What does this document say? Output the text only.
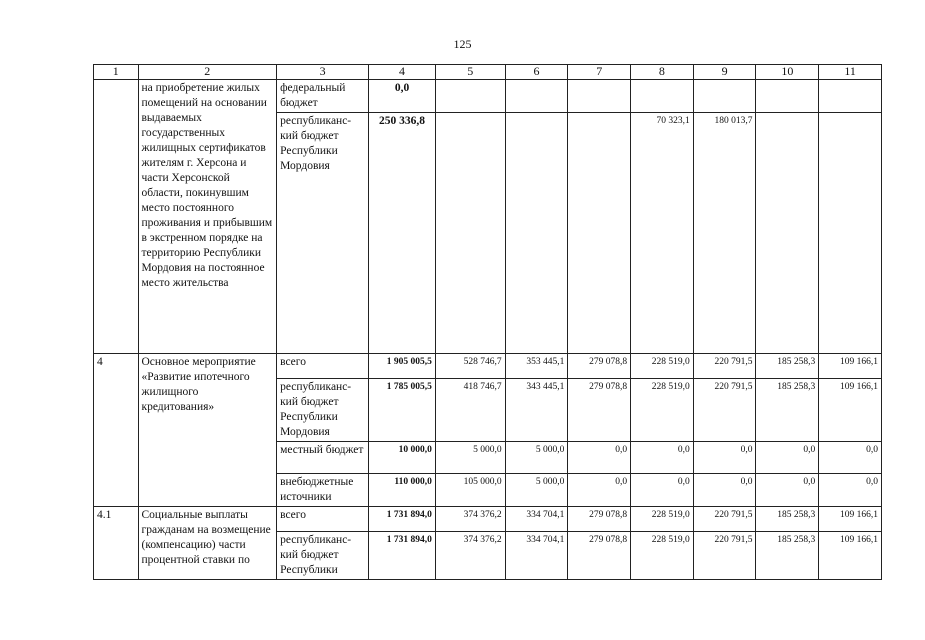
125
1	2	3	4	5	6	7	8	9	10	11
	на приобретение жилых помещений на основании выдаваемых государственных жилищных сертификатов жителям г. Херсона и части Херсонской области, покинувшим место постоянного проживания и прибывшим в экстренном порядке на территорию Республики Мордовия на постоянное место жительства	федеральный бюджет	0,0							
		республиканс-кий бюджет Республики Мордовия	250 336,8				70 323,1	180 013,7		
4	Основное мероприятие «Развитие ипотечного жилищного кредитования»	всего	1 905 005,5	528 746,7	353 445,1	279 078,8	228 519,0	220 791,5	185 258,3	109 166,1
		республиканс-кий бюджет Республики Мордовия	1 785 005,5	418 746,7	343 445,1	279 078,8	228 519,0	220 791,5	185 258,3	109 166,1
		местный бюджет	10 000,0	5 000,0	5 000,0	0,0	0,0	0,0	0,0	0,0
		внебюджетные источники	110 000,0	105 000,0	5 000,0	0,0	0,0	0,0	0,0	0,0
4.1	Социальные выплаты гражданам на возмещение (компенсацию) части процентной ставки по	всего	1 731 894,0	374 376,2	334 704,1	279 078,8	228 519,0	220 791,5	185 258,3	109 166,1
		республиканс-кий бюджет Республики	1 731 894,0	374 376,2	334 704,1	279 078,8	228 519,0	220 791,5	185 258,3	109 166,1
